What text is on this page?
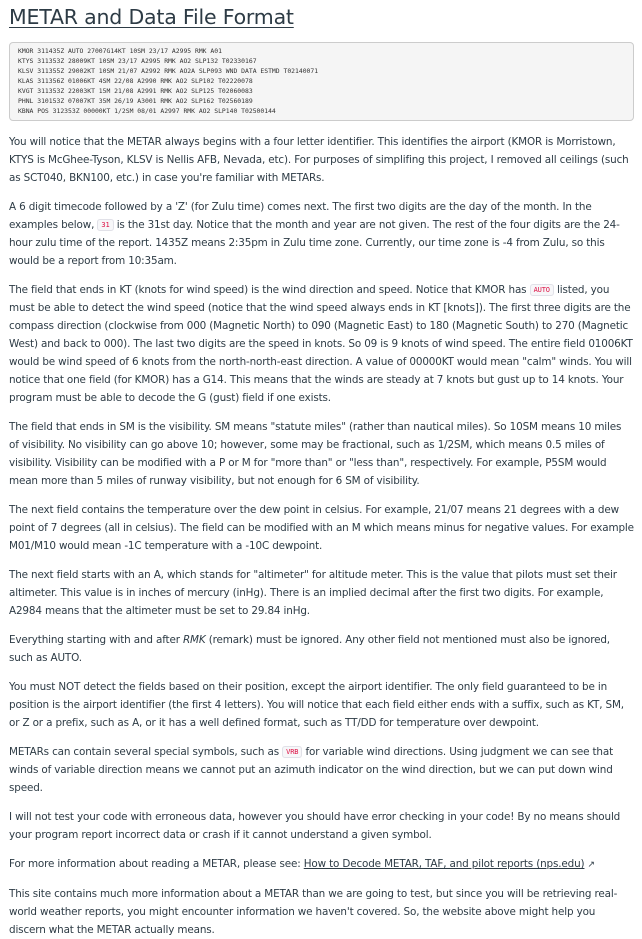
METAR and Data File Format
KMOR 311435Z AUTO 27007G14KT 10SM 23/17 A2995 RMK A01
KTYS 311353Z 28009KT 10SM 23/17 A2995 RMK AO2 SLP132 T02330167
KLSV 311355Z 29002KT 10SM 21/07 A2992 RMK AO2A SLP093 WND DATA ESTMD T02140071
KLAS 311356Z 01006KT 4SM 22/08 A2990 RMK AO2 SLP102 T02220078
KVGT 311353Z 22003KT 15M 21/08 A2991 RMK AO2 SLP125 T02060083
PHNL 310153Z 07007KT 35M 26/19 A3001 RMK AO2 SLP162 T02560189
KBNA POS 312353Z 00000KT 1/2SM 08/01 A2997 RMK AO2 SLP140 T02500144

You will notice that the METAR always begins with a four letter identifier. This identifies the airport (KMOR is Morristown, KTYS is McGhee-Tyson, KLSV is Nellis AFB, Nevada, etc). For purposes of simplifing this project, I removed all ceilings (such as SCT040, BKN100, etc.) in case you're familiar with METARs.

A 6 digit timecode followed by a 'Z' (for Zulu time) comes next. The first two digits are the day of the month. In the examples below, 31 is the 31st day. Notice that the month and year are not given. The rest of the four digits are the 24-hour zulu time of the report. 1435Z means 2:35pm in Zulu time zone. Currently, our time zone is -4 from Zulu, so this would be a report from 10:35am.

The field that ends in KT (knots for wind speed) is the wind direction and speed. Notice that KMOR has AUTO listed, you must be able to detect the wind speed (notice that the wind speed always ends in KT [knots]). The first three digits are the compass direction (clockwise from 000 (Magnetic North) to 090 (Magnetic East) to 180 (Magnetic South) to 270 (Magnetic West) and back to 000). The last two digits are the speed in knots. So 09 is 9 knots of wind speed. The entire field 01006KT would be wind speed of 6 knots from the north-north-east direction. A value of 00000KT would mean "calm" winds. You will notice that one field (for KMOR) has a G14. This means that the winds are steady at 7 knots but gust up to 14 knots. Your program must be able to decode the G (gust) field if one exists.

The field that ends in SM is the visibility. SM means "statute miles" (rather than nautical miles). So 10SM means 10 miles of visibility. No visibility can go above 10; however, some may be fractional, such as 1/2SM, which means 0.5 miles of visibility. Visibility can be modified with a P or M for "more than" or "less than", respectively. For example, P5SM would mean more than 5 miles of runway visibility, but not enough for 6 SM of visibility.

The next field contains the temperature over the dew point in celsius. For example, 21/07 means 21 degrees with a dew point of 7 degrees (all in celsius). The field can be modified with an M which means minus for negative values. For example M01/M10 would mean -1C temperature with a -10C dewpoint.

The next field starts with an A, which stands for "altimeter" for altitude meter. This is the value that pilots must set their altimeter. This value is in inches of mercury (inHg). There is an implied decimal after the first two digits. For example, A2984 means that the altimeter must be set to 29.84 inHg.

Everything starting with and after RMK (remark) must be ignored. Any other field not mentioned must also be ignored, such as AUTO.

You must NOT detect the fields based on their position, except the airport identifier. The only field guaranteed to be in position is the airport identifier (the first 4 letters). You will notice that each field either ends with a suffix, such as KT, SM, or Z or a prefix, such as A, or it has a well defined format, such as TT/DD for temperature over dewpoint.

METARs can contain several special symbols, such as VRB for variable wind directions. Using judgment we can see that winds of variable direction means we cannot put an azimuth indicator on the wind direction, but we can put down wind speed.

I will not test your code with erroneous data, however you should have error checking in your code! By no means should your program report incorrect data or crash if it cannot understand a given symbol.

For more information about reading a METAR, please see: How to Decode METAR, TAF, and pilot reports (nps.edu) ↗

This site contains much more information about a METAR than we are going to test, but since you will be retrieving real-world weather reports, you might encounter information we haven't covered. So, the website above might help you discern what the METAR actually means.
